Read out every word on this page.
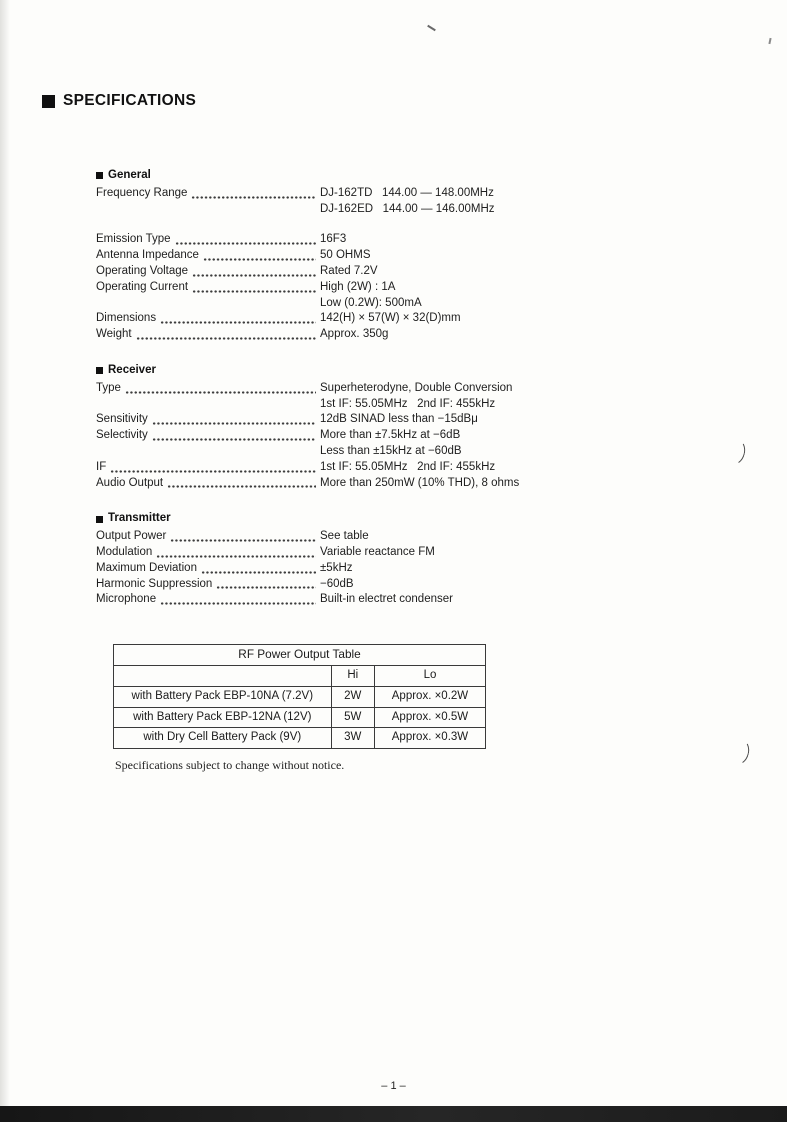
SPECIFICATIONS
General
Frequency Range	DJ-162TD   144.00 — 148.00MHz
DJ-162ED   144.00 — 146.00MHz
Emission Type	16F3
Antenna Impedance	50 OHMS
Operating Voltage	Rated 7.2V
Operating Current	High (2W) : 1A
Low (0.2W): 500mA
Dimensions	142(H) × 57(W) × 32(D)mm
Weight	Approx. 350g
Receiver
Type	Superheterodyne, Double Conversion
1st IF: 55.05MHz   2nd IF: 455kHz
Sensitivity	12dB SINAD less than −15dBμ
Selectivity	More than ±7.5kHz at −6dB
Less than ±15kHz at −60dB
IF	1st IF: 55.05MHz   2nd IF: 455kHz
Audio Output	More than 250mW (10% THD), 8 ohms
Transmitter
Output Power	See table
Modulation	Variable reactance FM
Maximum Deviation	±5kHz
Harmonic Suppression	−60dB
Microphone	Built-in electret condenser
RF Power Output Table		
	Hi	Lo
with Battery Pack EBP-10NA (7.2V)	2W	Approx. ×0.2W
with Battery Pack EBP-12NA (12V)	5W	Approx. ×0.5W
with Dry Cell Battery Pack (9V)	3W	Approx. ×0.3W
Specifications subject to change without notice.
– 1 –
